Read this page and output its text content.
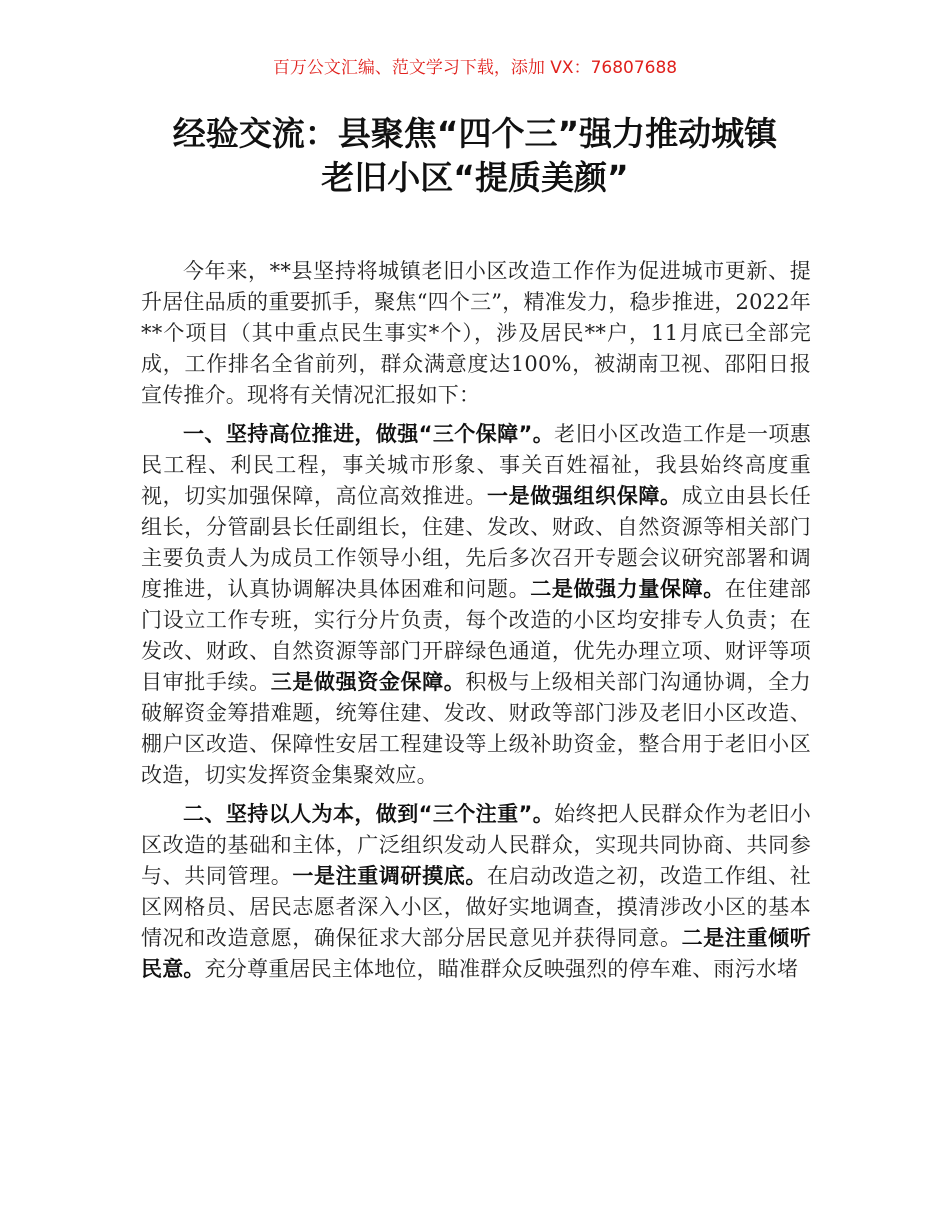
百万公文汇编、范文学习下载，添加 VX：76807688
经验交流：县聚焦“四个三”强力推动城镇
老旧小区“提质美颜”

今年来，**县坚持将城镇老旧小区改造工作作为促进城市更新、提升居住品质的重要抓手，聚焦“四个三”，精准发力，稳步推进，2022年**个项目（其中重点民生事实*个），涉及居民**户，11月底已全部完成，工作排名全省前列，群众满意度达100%，被湖南卫视、邵阳日报宣传推介。现将有关情况汇报如下：

一、坚持高位推进，做强“三个保障”。老旧小区改造工作是一项惠民工程、利民工程，事关城市形象、事关百姓福祉，我县始终高度重视，切实加强保障，高位高效推进。一是做强组织保障。成立由县长任组长，分管副县长任副组长，住建、发改、财政、自然资源等相关部门主要负责人为成员工作领导小组，先后多次召开专题会议研究部署和调度推进，认真协调解决具体困难和问题。二是做强力量保障。在住建部门设立工作专班，实行分片负责，每个改造的小区均安排专人负责；在发改、财政、自然资源等部门开辟绿色通道，优先办理立项、财评等项目审批手续。三是做强资金保障。积极与上级相关部门沟通协调，全力破解资金筹措难题，统筹住建、发改、财政等部门涉及老旧小区改造、棚户区改造、保障性安居工程建设等上级补助资金，整合用于老旧小区改造，切实发挥资金集聚效应。

二、坚持以人为本，做到“三个注重”。始终把人民群众作为老旧小区改造的基础和主体，广泛组织发动人民群众，实现共同协商、共同参与、共同管理。一是注重调研摸底。在启动改造之初，改造工作组、社区网格员、居民志愿者深入小区，做好实地调查，摸清涉改小区的基本情况和改造意愿，确保征求大部分居民意见并获得同意。二是注重倾听民意。充分尊重居民主体地位，瞄准群众反映强烈的停车难、雨污水堵
